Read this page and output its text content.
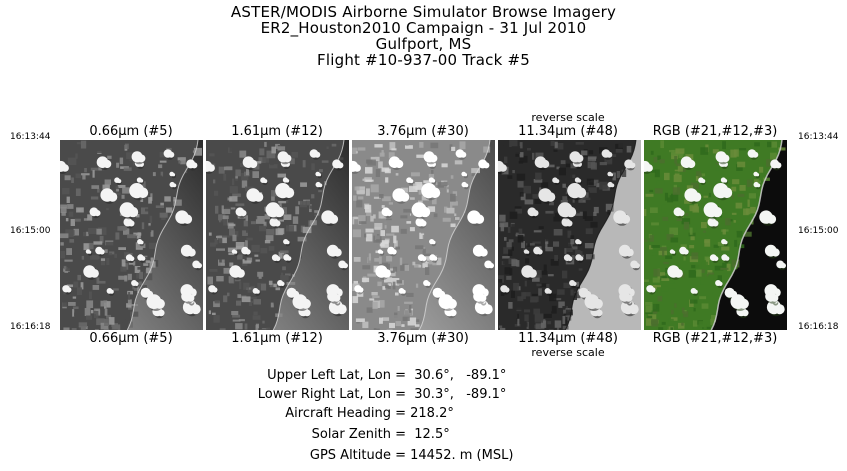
ASTER/MODIS Airborne Simulator Browse Imagery
ER2_Houston2010 Campaign - 31 Jul 2010
Gulfport, MS
Flight #10-937-00 Track #5
16:13:44
16:15:00
16:16:18
16:13:44
16:15:00
16:16:18
reverse scale
0.66µm (#5)	1.61µm (#12)	3.76µm (#30)	11.34µm (#48)	RGB (#21,#12,#3)
0.66µm (#5)	1.61µm (#12)	3.76µm (#30)	11.34µm (#48)	RGB (#21,#12,#3)
reverse scale
Upper Left Lat, Lon =  30.6°,   -89.1°
Lower Right Lat, Lon =  30.3°,   -89.1°
Aircraft Heading = 218.2°
Solar Zenith =  12.5°
GPS Altitude = 14452. m (MSL)
